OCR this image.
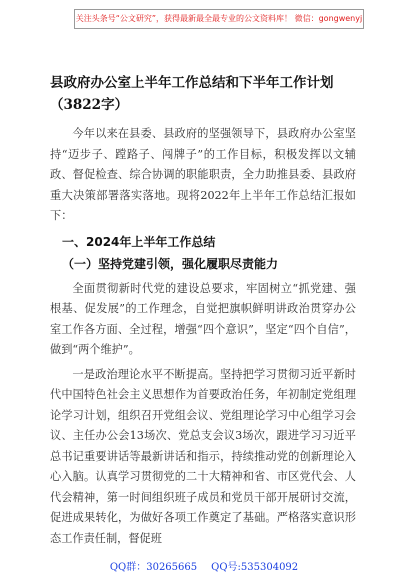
关注头条号“公文研究”，获得最新最全最专业的公文资料库！ 微信：gongwenyj
县政府办公室上半年工作总结和下半年工作计划（3822字）

今年以来在县委、县政府的坚强领导下，县政府办公室坚持“迈步子、蹚路子、闯牌子”的工作目标，积极发挥以文辅政、督促检查、综合协调的职能职责，全力助推县委、县政府重大决策部署落实落地。现将2022年上半年工作总结汇报如下：

一、2024年上半年工作总结
（一）坚持党建引领，强化履职尽责能力

全面贯彻新时代党的建设总要求，牢固树立“抓党建、强根基、促发展”的工作理念，自觉把旗帜鲜明讲政治贯穿办公室工作各方面、全过程，增强“四个意识”，坚定“四个自信”，做到“两个维护”。

一是政治理论水平不断提高。坚持把学习贯彻习近平新时代中国特色社会主义思想作为首要政治任务，年初制定党组理论学习计划，组织召开党组会议、党组理论学习中心组学习会议、主任办公会13场次、党总支会议3场次，跟进学习习近平总书记重要讲话等最新讲话和指示，持续推动党的创新理论入心入脑。认真学习贯彻党的二十大精神和省、市区党代会、人代会精神，第一时间组织班子成员和党员干部开展研讨交流，促进成果转化，为做好各项工作奠定了基础。严格落实意识形态工作责任制，督促班

QQ群：30265665 QQ号:535304092
